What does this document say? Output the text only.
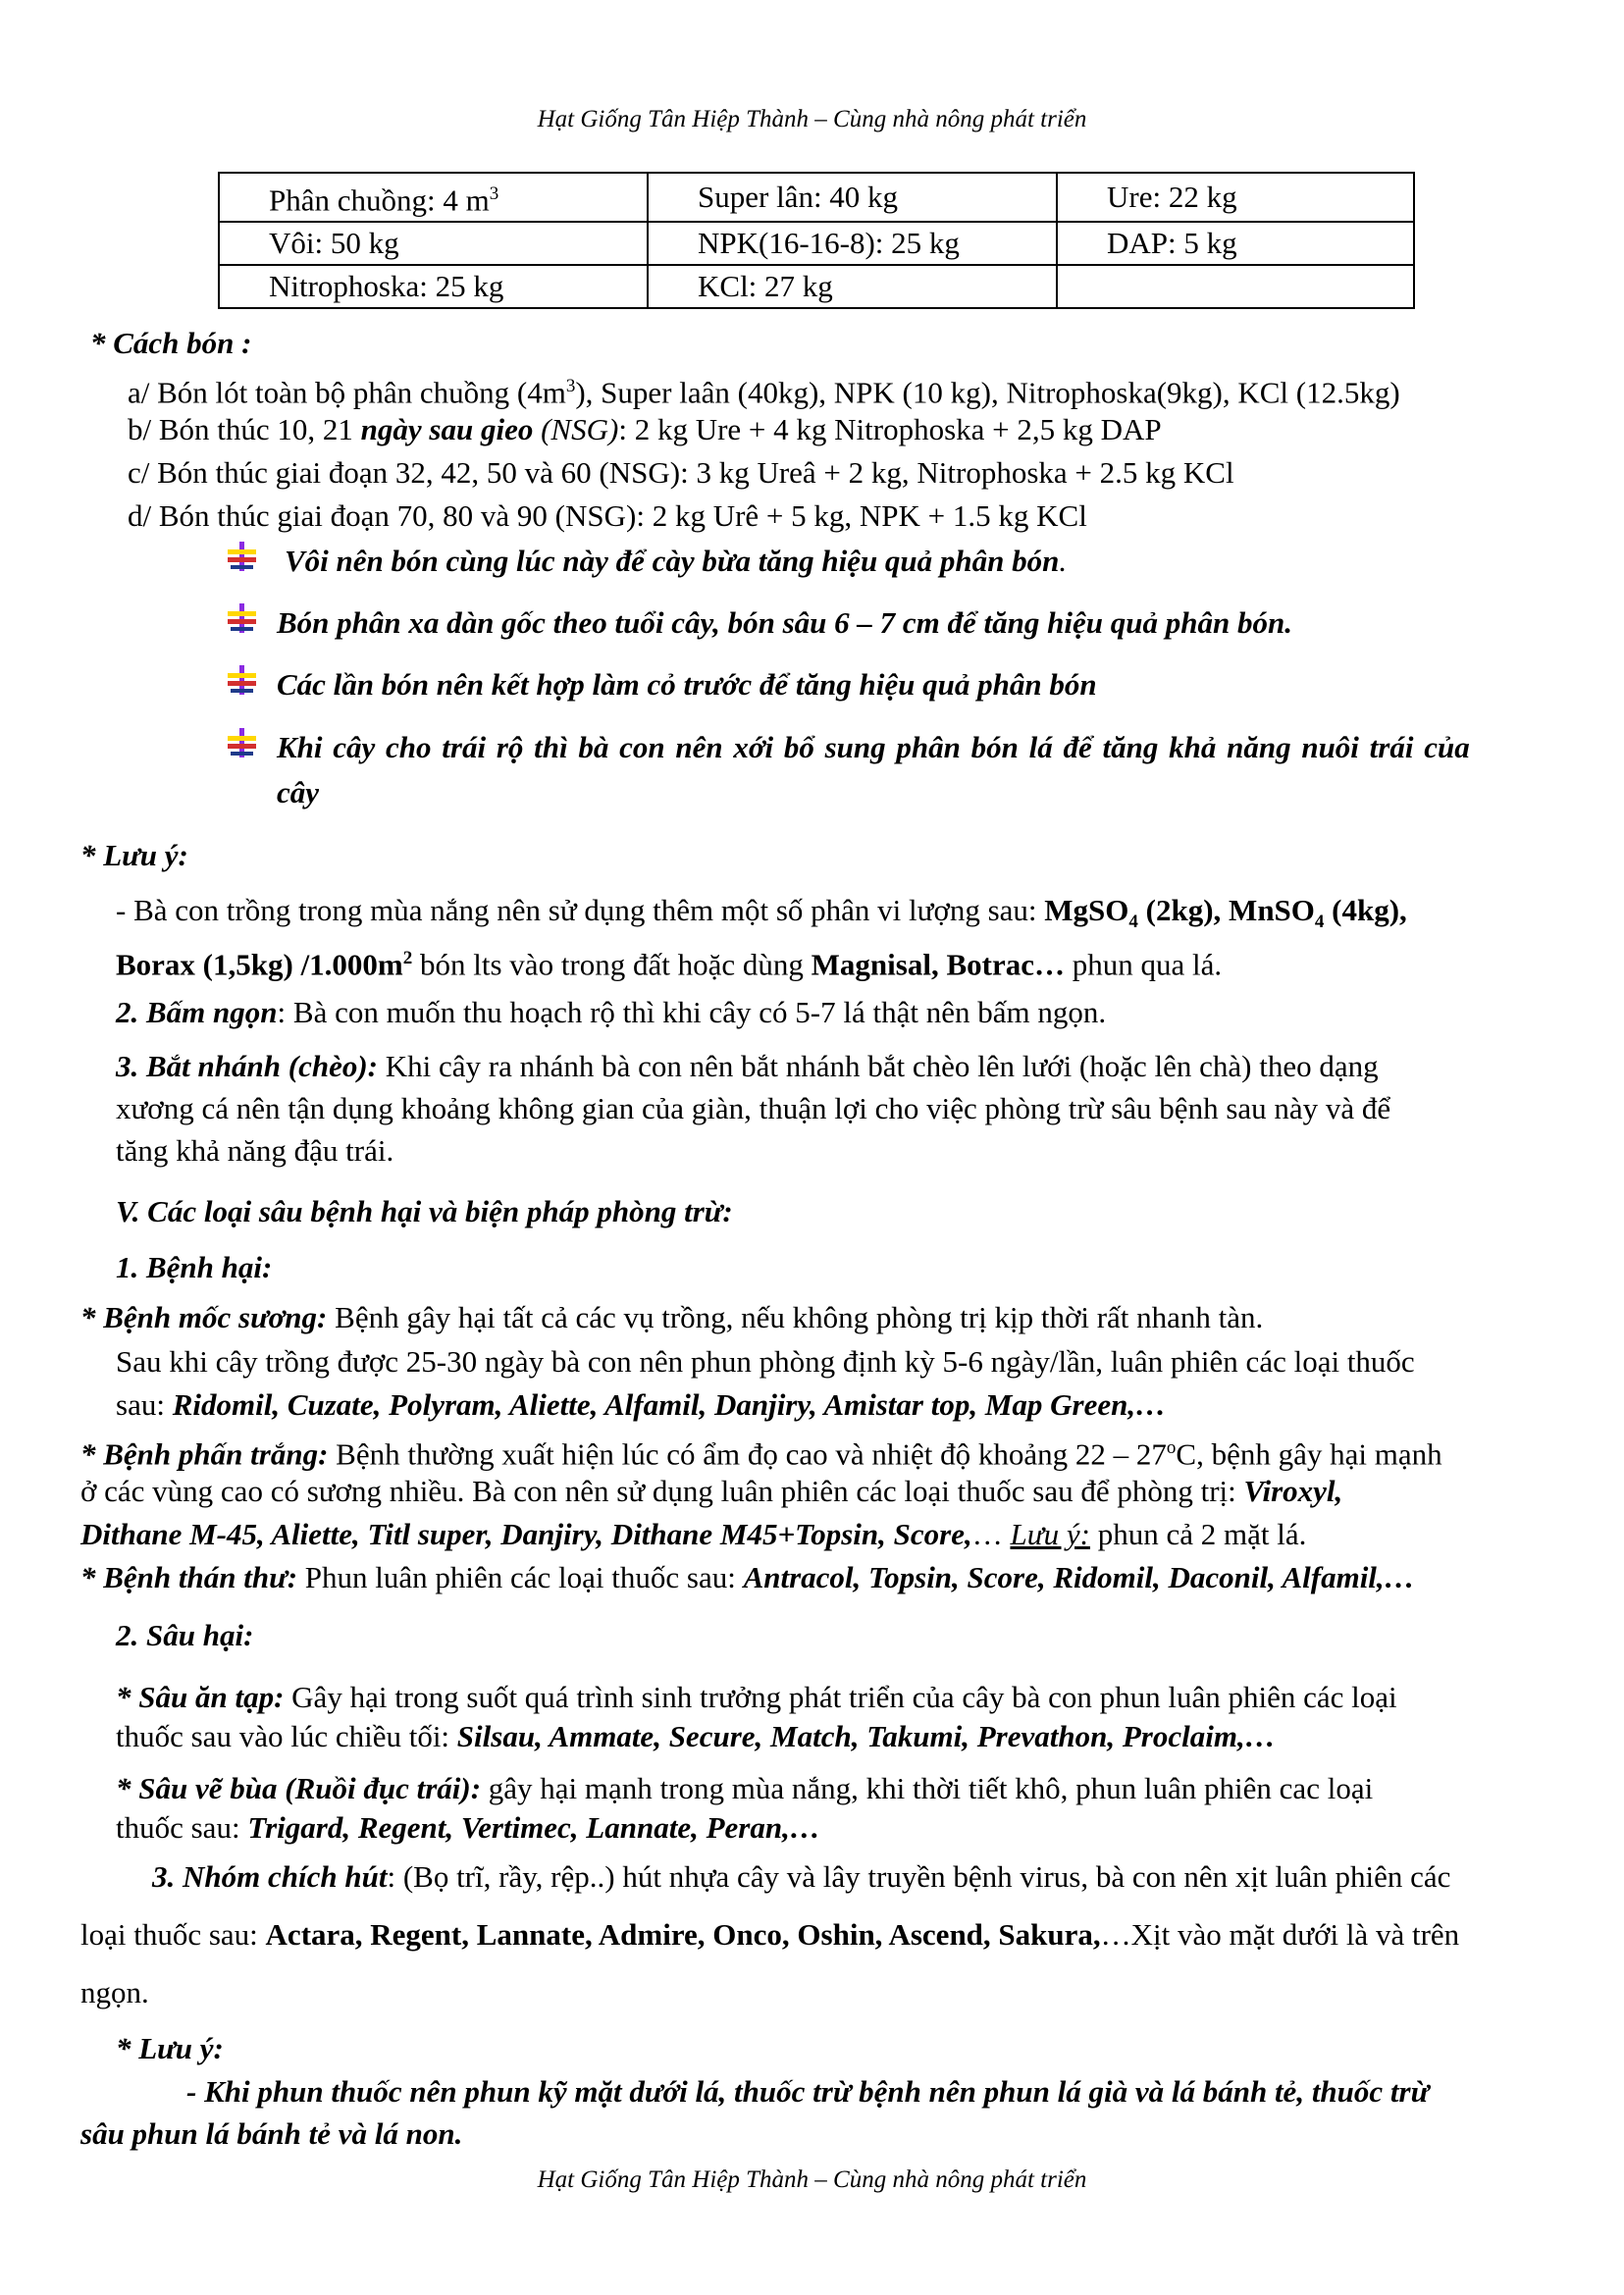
Hạt Giống Tân Hiệp Thành – Cùng nhà nông phát triển
Phân chuồng: 4 $m^3$	Super lân: 40 kg	Ure: 22 kg
Vôi: 50 kg	NPK(16-16-8): 25 kg	DAP: 5 kg
Nitrophoska: 25 kg	KCl: 27 kg	
* Cách bón :
a/ Bón lót toàn bộ phân chuồng $(4m^3)$, Super laân (40kg), NPK (10 kg), Nitrophoska(9kg), KCl (12.5kg)
b/ Bón thúc 10, 21 ngày sau gieo (NSG): 2 kg Ure + 4 kg Nitrophoska + 2,5 kg DAP
c/ Bón thúc giai đoạn 32, 42, 50 và 60 (NSG): 3 kg Ureâ + 2 kg, Nitrophoska + 2.5 kg KCl
d/ Bón thúc giai đoạn 70, 80 và 90 (NSG): 2 kg Urê + 5 kg, NPK + 1.5 kg KCl
Vôi nên bón cùng lúc này để cày bừa tăng hiệu quả phân bón.
Bón phân xa dàn gốc theo tuổi cây, bón sâu 6 – 7 cm để tăng hiệu quả phân bón.
Các lần bón nên kết hợp làm cỏ trước để tăng hiệu quả phân bón
Khi cây cho trái rộ thì bà con nên xới bổ sung phân bón lá để tăng khả năng nuôi trái của
cây
* Lưu ý:
- Bà con trồng trong mùa nắng nên sử dụng thêm một số phân vi lượng sau: MgSO$_4$ (2kg), MnSO$_4$ (4kg),
Borax (1,5kg) $/1.000m^2$ bón lts vào trong đất hoặc dùng Magnisal, Botrac… phun qua lá.
2. Bấm ngọn: Bà con muốn thu hoạch rộ thì khi cây có 5-7 lá thật nên bấm ngọn.
3. Bắt nhánh (chèo): Khi cây ra nhánh bà con nên bắt nhánh bắt chèo lên lưới (hoặc lên chà) theo dạng
xương cá nên tận dụng khoảng không gian của giàn, thuận lợi cho việc phòng trừ sâu bệnh sau này và để
tăng khả năng đậu trái.
V. Các loại sâu bệnh hại và biện pháp phòng trừ:
1. Bệnh hại:
* Bệnh mốc sương: Bệnh gây hại tất cả các vụ trồng, nếu không phòng trị kịp thời rất nhanh tàn.
Sau khi cây trồng được 25-30 ngày bà con nên phun phòng định kỳ 5-6 ngày/lần, luân phiên các loại thuốc
sau: Ridomil, Cuzate, Polyram, Aliette, Alfamil, Danjiry, Amistar top, Map Green,…
* Bệnh phấn trắng: Bệnh thường xuất hiện lúc có ẩm đọ cao và nhiệt độ khoảng 22 – 27$^o$C, bệnh gây hại mạnh
ở các vùng cao có sương nhiều. Bà con nên sử dụng luân phiên các loại thuốc sau để phòng trị: Viroxyl,
Dithane M-45, Aliette, Titl super, Danjiry, Dithane M45+Topsin, Score,… Lưu ý: phun cả 2 mặt lá.
* Bệnh thán thư: Phun luân phiên các loại thuốc sau: Antracol, Topsin, Score, Ridomil, Daconil, Alfamil,…
2. Sâu hại:
* Sâu ăn tạp: Gây hại trong suốt quá trình sinh trưởng phát triển của cây bà con phun luân phiên các loại
thuốc sau vào lúc chiều tối: Silsau, Ammate, Secure, Match, Takumi, Prevathon, Proclaim,…
* Sâu vẽ bùa (Ruồi đục trái): gây hại mạnh trong mùa nắng, khi thời tiết khô, phun luân phiên cac loại
thuốc sau: Trigard, Regent, Vertimec, Lannate, Peran,…
3. Nhóm chích hút: (Bọ trĩ, rầy, rệp..) hút nhựa cây và lây truyền bệnh virus, bà con nên xịt luân phiên các
loại thuốc sau: Actara, Regent, Lannate, Admire, Onco, Oshin, Ascend, Sakura,…Xịt vào mặt dưới là và trên
ngọn.
* Lưu ý:
- Khi phun thuốc nên phun kỹ mặt dưới lá, thuốc trừ bệnh nên phun lá già và lá bánh tẻ, thuốc trừ
sâu phun lá bánh tẻ và lá non.
Hạt Giống Tân Hiệp Thành – Cùng nhà nông phát triển
